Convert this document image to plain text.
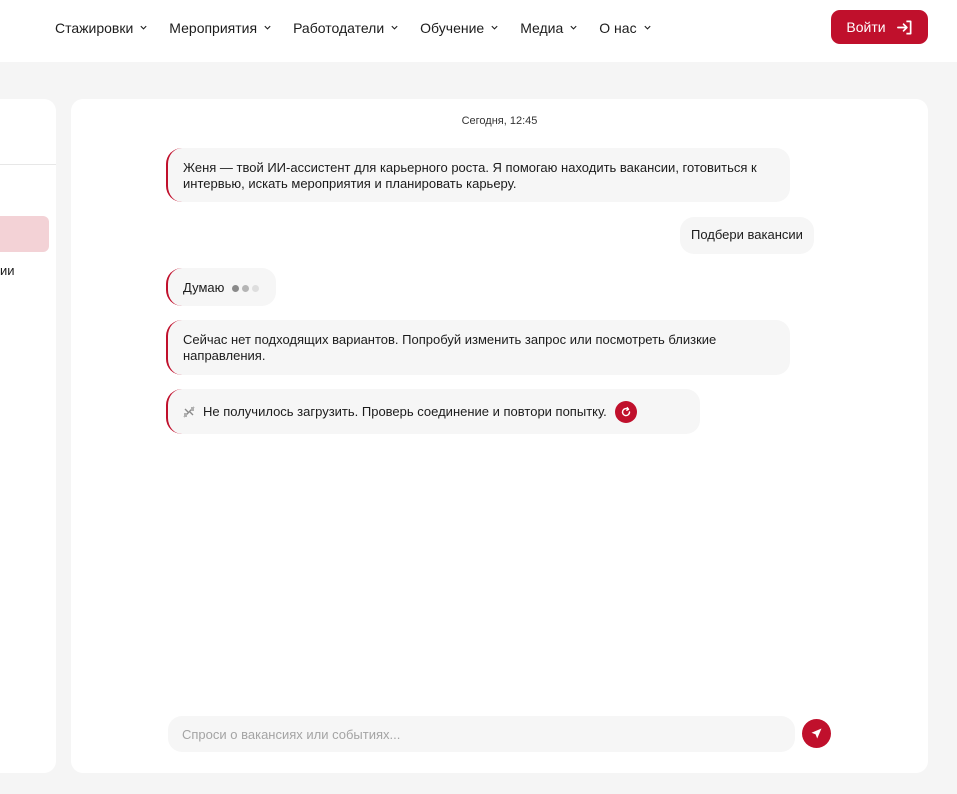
Стажировки	Мероприятия	Работодатели	Обучение	Медиа	О нас	Войти
ии
Сегодня, 12:45
Женя — твой ИИ-ассистент для карьерного роста. Я помогаю находить вакансии, готовиться к интервью, искать мероприятия и планировать карьеру.
Подбери вакансии
Думаю
Сейчас нет подходящих вариантов. Попробуй изменить запрос или посмотреть близкие направления.
Не получилось загрузить. Проверь соединение и повтори попытку.
Спроси о вакансиях или событиях...
